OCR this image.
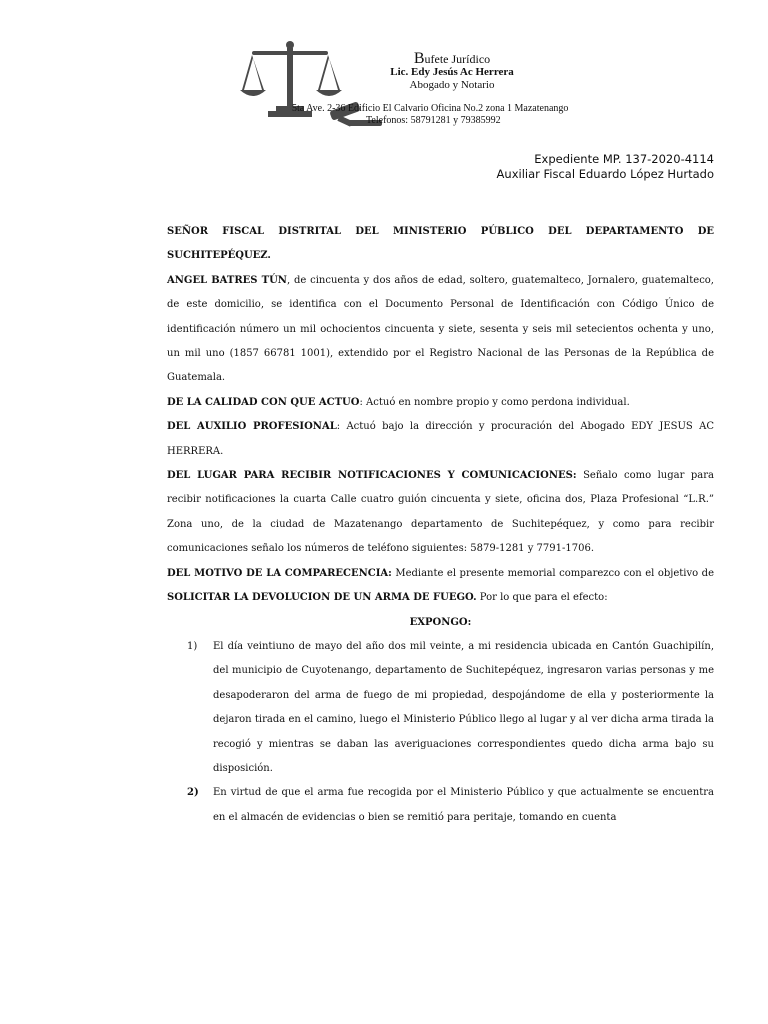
Bufete Jurídico
Lic. Edy Jesús Ac Herrera
Abogado y Notario
5ta Ave. 2-36 Edificio El Calvario Oficina No.2 zona 1 Mazatenango
Telefonos: 58791281 y 79385992
Expediente MP. 137-2020-4114
Auxiliar Fiscal Eduardo López Hurtado

SEÑOR FISCAL DISTRITAL DEL MINISTERIO PÚBLICO DEL DEPARTAMENTO DE SUCHITEPÉQUEZ.

ANGEL BATRES TÚN, de cincuenta y dos años de edad, soltero, guatemalteco, Jornalero, guatemalteco, de este domicilio, se identifica con el Documento Personal de Identificación con Código Único de identificación número un mil ochocientos cincuenta y siete, sesenta y seis mil setecientos ochenta y uno, un mil uno (1857 66781 1001), extendido por el Registro Nacional de las Personas de la República de Guatemala.

DE LA CALIDAD CON QUE ACTUO: Actuó en nombre propio y como perdona individual.

DEL AUXILIO PROFESIONAL: Actuó bajo la dirección y procuración del Abogado EDY JESUS AC HERRERA.

DEL LUGAR PARA RECIBIR NOTIFICACIONES Y COMUNICACIONES: Señalo como lugar para recibir notificaciones la cuarta Calle cuatro guión cincuenta y siete, oficina dos, Plaza Profesional “L.R.” Zona uno, de la ciudad de Mazatenango departamento de Suchitepéquez, y como para recibir comunicaciones señalo los números de teléfono siguientes: 5879-1281 y 7791-1706.

DEL MOTIVO DE LA COMPARECENCIA: Mediante el presente memorial comparezco con el objetivo de SOLICITAR LA DEVOLUCION DE UN ARMA DE FUEGO. Por lo que para el efecto:

EXPONGO:

1) El día veintiuno de mayo del año dos mil veinte, a mi residencia ubicada en Cantón Guachipilín, del municipio de Cuyotenango, departamento de Suchitepéquez, ingresaron varias personas y me desapoderaron del arma de fuego de mi propiedad, despojándome de ella y posteriormente la dejaron tirada en el camino, luego el Ministerio Público llego al lugar y al ver dicha arma tirada la recogió y mientras se daban las averiguaciones correspondientes quedo dicha arma bajo su disposición.

2) En virtud de que el arma fue recogida por el Ministerio Público y que actualmente se encuentra en el almacén de evidencias o bien se remitió para peritaje, tomando en cuenta
